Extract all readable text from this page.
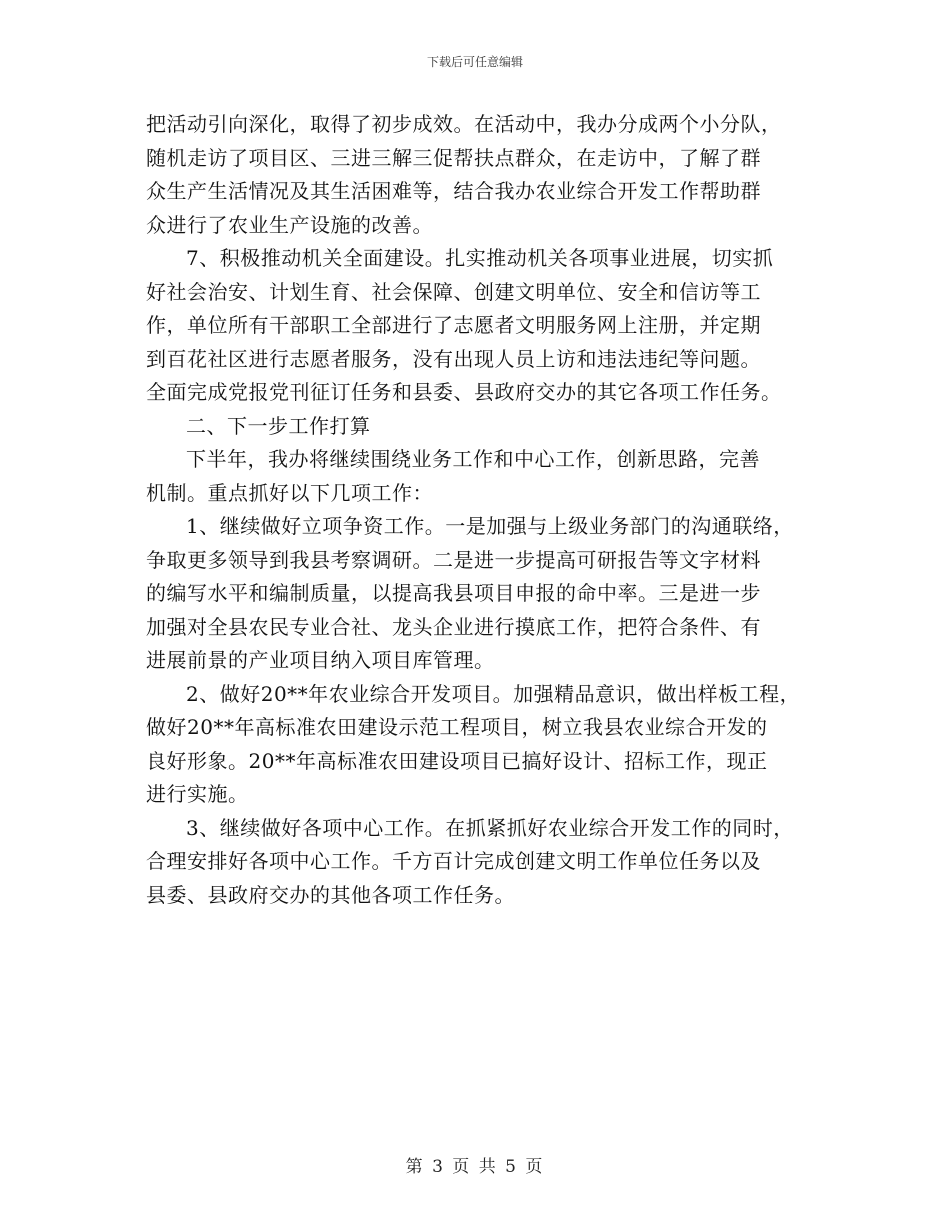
下载后可任意编辑
把活动引向深化，取得了初步成效。在活动中，我办分成两个小分队，
随机走访了项目区、三进三解三促帮扶点群众，在走访中，了解了群
众生产生活情况及其生活困难等，结合我办农业综合开发工作帮助群
众进行了农业生产设施的改善。
7、积极推动机关全面建设。扎实推动机关各项事业进展，切实抓
好社会治安、计划生育、社会保障、创建文明单位、安全和信访等工
作，单位所有干部职工全部进行了志愿者文明服务网上注册，并定期
到百花社区进行志愿者服务，没有出现人员上访和违法违纪等问题。
全面完成党报党刊征订任务和县委、县政府交办的其它各项工作任务。
二、下一步工作打算
下半年，我办将继续围绕业务工作和中心工作，创新思路，完善
机制。重点抓好以下几项工作：
1、继续做好立项争资工作。一是加强与上级业务部门的沟通联络，
争取更多领导到我县考察调研。二是进一步提高可研报告等文字材料
的编写水平和编制质量，以提高我县项目申报的命中率。三是进一步
加强对全县农民专业合社、龙头企业进行摸底工作，把符合条件、有
进展前景的产业项目纳入项目库管理。
2、做好20**年农业综合开发项目。加强精品意识，做出样板工程，
做好20**年高标准农田建设示范工程项目，树立我县农业综合开发的
良好形象。20**年高标准农田建设项目已搞好设计、招标工作，现正
进行实施。
3、继续做好各项中心工作。在抓紧抓好农业综合开发工作的同时，
合理安排好各项中心工作。千方百计完成创建文明工作单位任务以及
县委、县政府交办的其他各项工作任务。
第 3 页 共 5 页
